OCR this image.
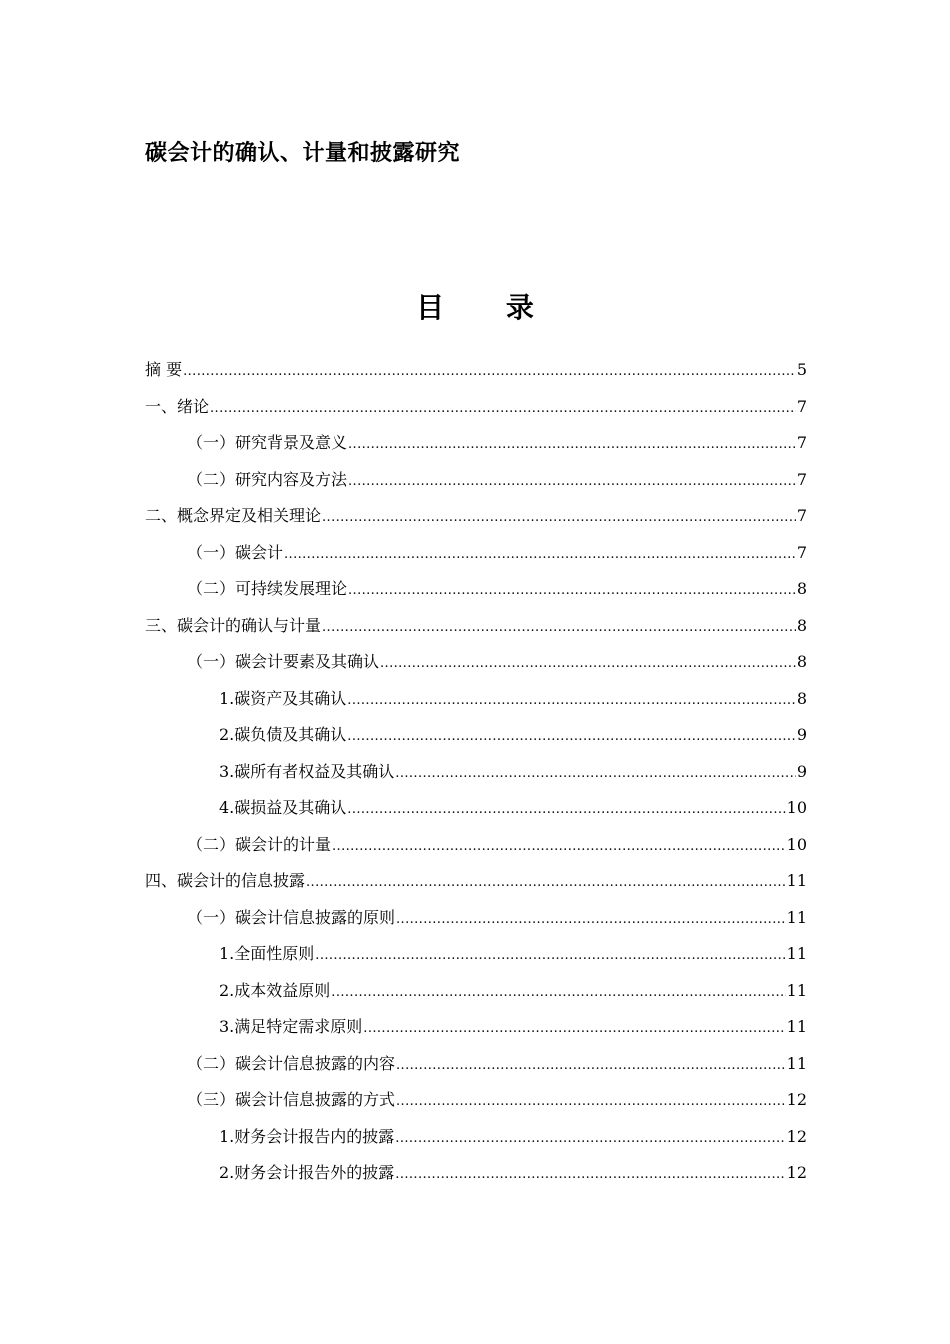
碳会计的确认、计量和披露研究
目 录
摘 要 .....	5
一、绪论 .....	7
（一）研究背景及意义 .....	7
（二）研究内容及方法 .....	7
二、概念界定及相关理论 .....	7
（一）碳会计 .....	7
（二）可持续发展理论 .....	8
三、碳会计的确认与计量 .....	8
（一）碳会计要素及其确认 .....	8
1.碳资产及其确认 .....	8
2.碳负债及其确认 .....	9
3.碳所有者权益及其确认 .....	9
4.碳损益及其确认 .....	10
（二）碳会计的计量 .....	10
四、碳会计的信息披露 .....	11
（一）碳会计信息披露的原则 .....	11
1.全面性原则 .....	11
2.成本效益原则 .....	11
3.满足特定需求原则 .....	11
（二）碳会计信息披露的内容 .....	11
（三）碳会计信息披露的方式 .....	12
1.财务会计报告内的披露 .....	12
2.财务会计报告外的披露 .....	12
